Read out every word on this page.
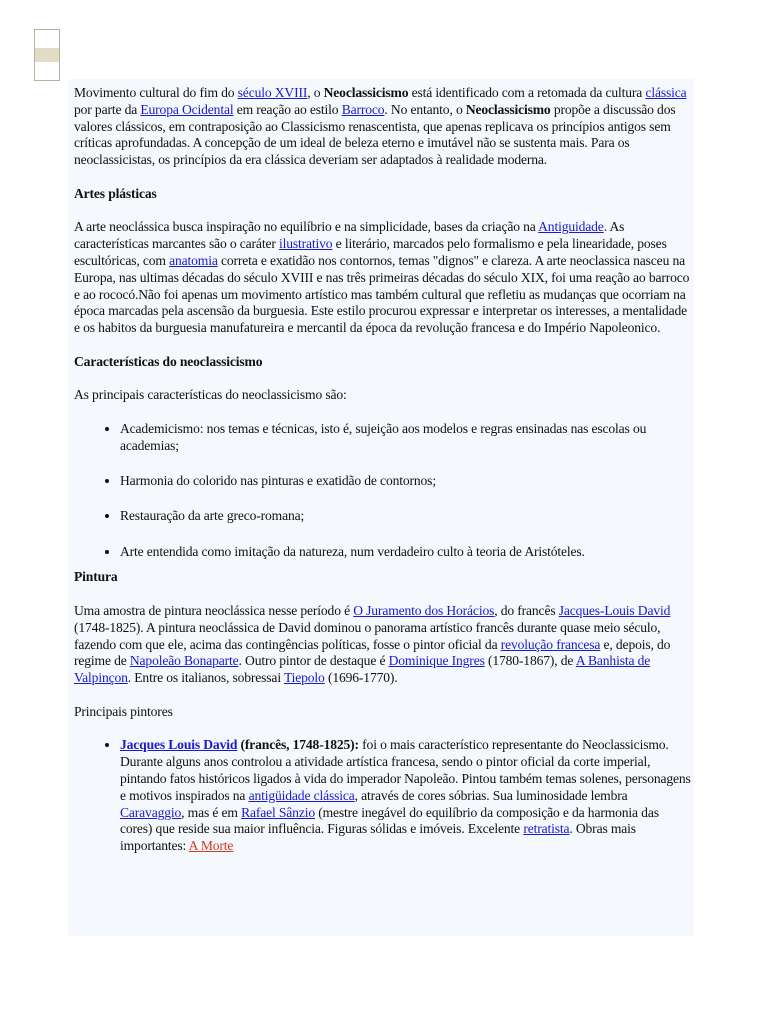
Movimento cultural do fim do século XVIII, o Neoclassicismo está identificado com a retomada da cultura clássica por parte da Europa Ocidental em reação ao estilo Barroco. No entanto, o Neoclassicismo propõe a discussão dos valores clássicos, em contraposição ao Classicismo renascentista, que apenas replicava os princípios antigos sem críticas aprofundadas. A concepção de um ideal de beleza eterno e imutável não se sustenta mais. Para os neoclassicistas, os princípios da era clássica deveriam ser adaptados à realidade moderna.

Artes plásticas

A arte neoclássica busca inspiração no equilíbrio e na simplicidade, bases da criação na Antiguidade. As características marcantes são o caráter ilustrativo e literário, marcados pelo formalismo e pela linearidade, poses escultóricas, com anatomia correta e exatidão nos contornos, temas "dignos" e clareza. A arte neoclassica nasceu na Europa, nas ultimas décadas do século XVIII e nas três primeiras décadas do século XIX, foi uma reação ao barroco e ao rococó.Não foi apenas um movimento artístico mas também cultural que refletiu as mudanças que ocorriam na época marcadas pela ascensão da burguesia. Este estilo procurou expressar e interpretar os interesses, a mentalidade e os habitos da burguesia manufatureira e mercantil da época da revolução francesa e do Império Napoleonico.

Características do neoclassicismo

As principais características do neoclassicismo são:

• Academicismo: nos temas e técnicas, isto é, sujeição aos modelos e regras ensinadas nas escolas ou academias;
• Harmonia do colorido nas pinturas e exatidão de contornos;
• Restauração da arte greco-romana;
• Arte entendida como imitação da natureza, num verdadeiro culto à teoria de Aristóteles.
Pintura

Uma amostra de pintura neoclássica nesse período é O Juramento dos Horácios, do francês Jacques-Louis David (1748-1825). A pintura neoclássica de David dominou o panorama artístico francês durante quase meio século, fazendo com que ele, acima das contingências políticas, fosse o pintor oficial da revolução francesa e, depois, do regime de Napoleão Bonaparte. Outro pintor de destaque é Dominique Ingres (1780-1867), de A Banhista de Valpinçon. Entre os italianos, sobressai Tiepolo (1696-1770).

Principais pintores

• Jacques Louis David (francês, 1748-1825): foi o mais característico representante do Neoclassicismo. Durante alguns anos controlou a atividade artística francesa, sendo o pintor oficial da corte imperial, pintando fatos históricos ligados à vida do imperador Napoleão. Pintou também temas solenes, personagens e motivos inspirados na antigüidade clássica, através de cores sóbrias. Sua luminosidade lembra Caravaggio, mas é em Rafael Sânzio (mestre inegável do equilíbrio da composição e da harmonia das cores) que reside sua maior influência. Figuras sólidas e imóveis. Excelente retratista. Obras mais importantes: A Morte
